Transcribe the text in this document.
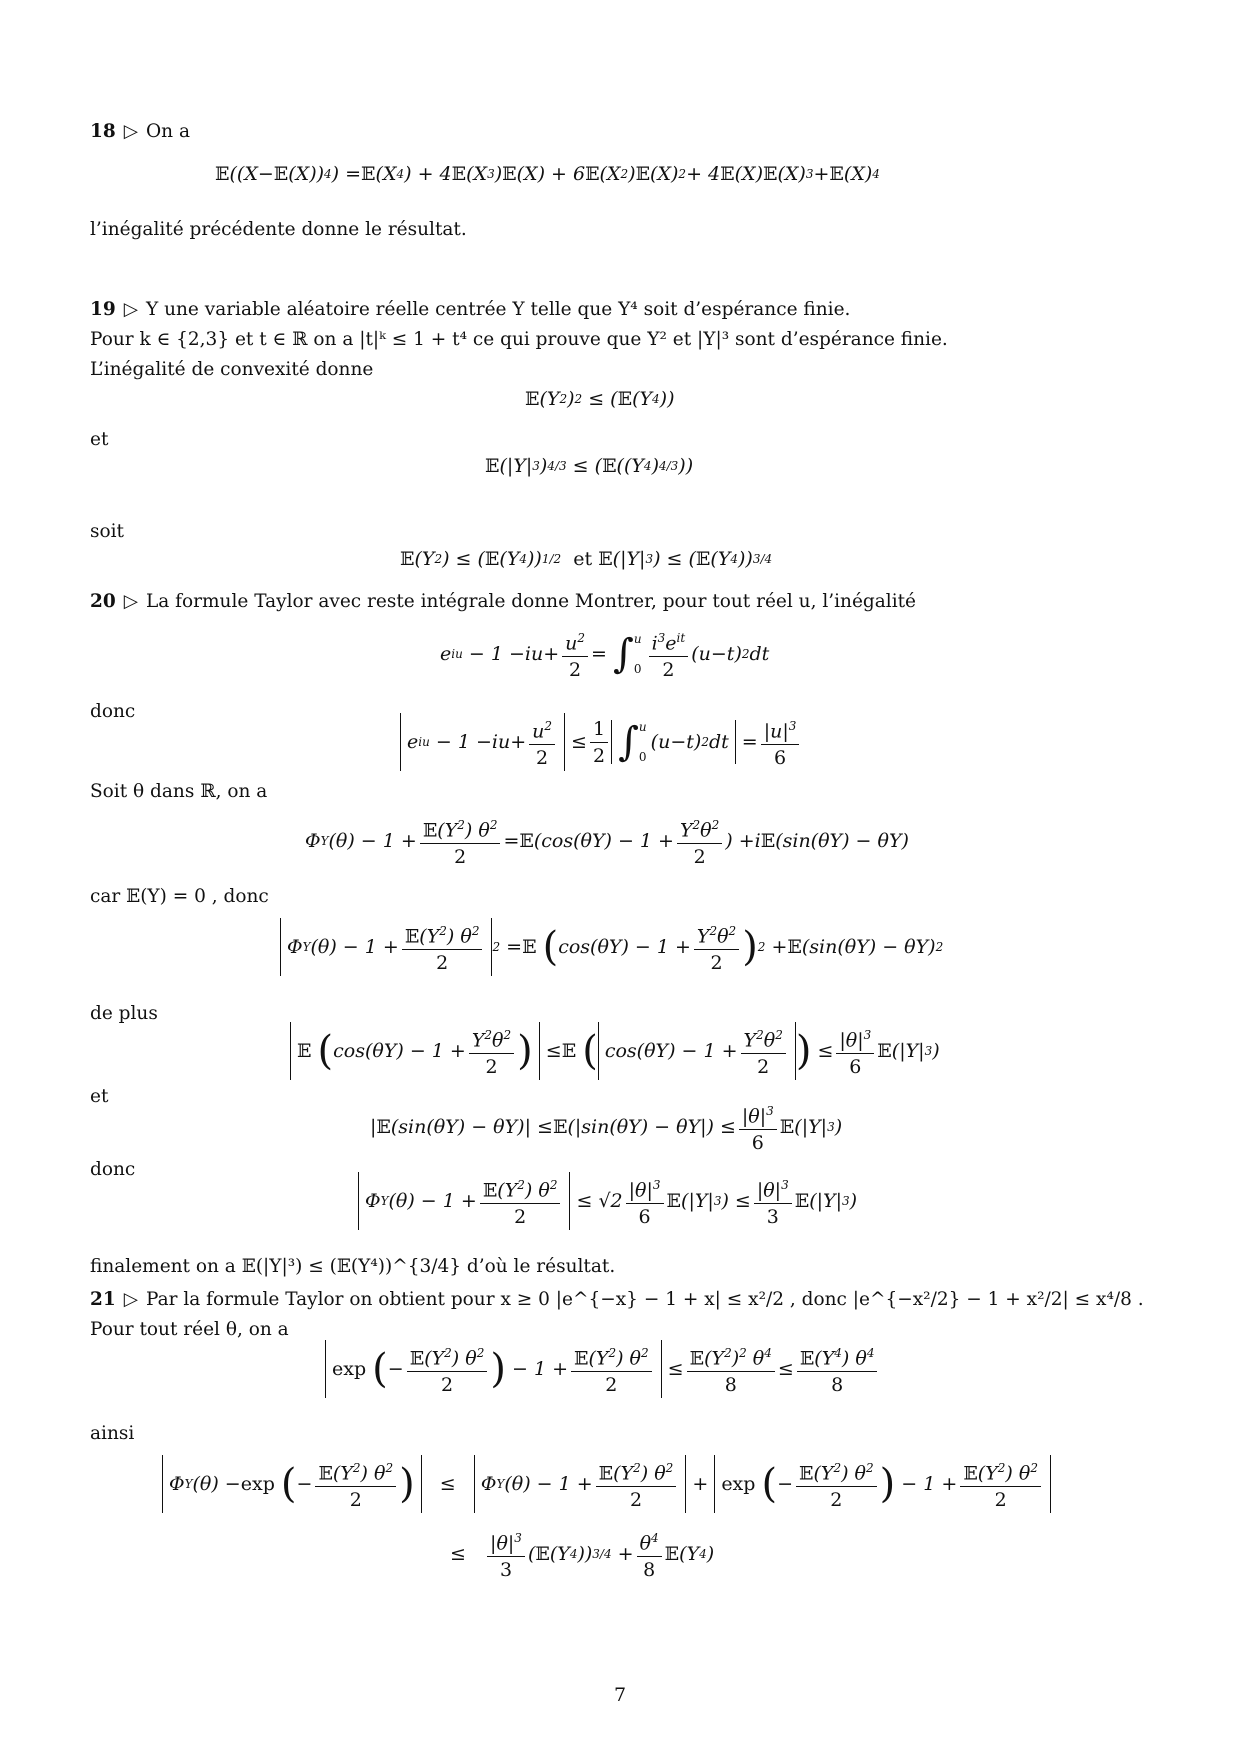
18 ▷ On a
𝔼 (( X − 𝔼 ( X )) 4 ) = 𝔼 ( X 4 ) + 4 𝔼 ( X 3 ) 𝔼 ( X ) + 6 𝔼 ( X 2 ) 𝔼 ( X ) 2 + 4 𝔼 ( X ) 𝔼 ( X ) 3 + 𝔼 ( X ) 4
l’inégalité précédente donne le résultat.
19 ▷ Y une variable aléatoire réelle centrée Y telle que Y⁴ soit d’espérance finie.
Pour k ∈ {2,3} et t ∈ ℝ on a |t|ᵏ ≤ 1 + t⁴ ce qui prouve que Y² et |Y|³ sont d’espérance finie.
L’inégalité de convexité donne
𝔼 ( Y 2 ) 2 ≤ ( 𝔼 ( Y 4 ))
et
𝔼 (| Y | 3 ) 4/3 ≤ ( 𝔼 (( Y 4 ) 4/3 ))
soit
𝔼 ( Y 2 ) ≤ ( 𝔼 ( Y 4 )) 1/2
et
𝔼 (| Y | 3 ) ≤ ( 𝔼 ( Y 4 )) 3/4
20 ▷ La formule Taylor avec reste intégrale donne Montrer, pour tout réel u, l’inégalité
e iu − 1 − iu + $\frac{u^2}{2}$ = ∫ u
$0 \frac{i^3e^{it}}{2}$ ( u − t ) 2 dt
donc
e iu − 1 − iu + $\frac{u^2}{2} \le \frac{1}{2}$ ∫ u
0
( u − t ) 2 dt = $\frac{|u|^3}{6}$
Soit θ dans ℝ, on a
Φ Y $(\theta) - 1 + \frac{𝔼(Y^2) \theta^2}{2}$ = 𝔼 (cos(θ Y ) − $1 + \frac{Y^2\theta^2}{2}$ ) + i 𝔼 (sin(θ Y ) − θ Y )
car 𝔼(Y) = 0 , donc
Φ Y $(\theta) - 1 + \frac{𝔼(Y^2) \theta^2}{2} 2$ = 𝔼
( cos(θ Y ) − $1 + \frac{Y^2\theta^2}{2}$ ) 2 + 𝔼 (sin(θ Y ) − θ Y ) 2
de plus
𝔼
( cos(θ Y ) − $1 + \frac{Y^2\theta^2}{2}$ ) ≤ 𝔼
( cos(θ Y ) − $1 + \frac{Y^2\theta^2}{2}$ ) ≤ $\frac{|\theta|^3}{6}$ 𝔼 (| Y | 3 )
et
| 𝔼 (sin(θ Y ) − θ Y )| ≤ 𝔼 (|sin(θ Y ) − θ Y |) ≤ $\frac{|\theta|^3}{6}$ 𝔼 (| Y | 3 )
donc
Φ Y $(\theta) - 1 + \frac{𝔼(Y^2) \theta^2}{2} \le √2 \frac{|\theta|^3}{6}$ 𝔼 (| Y | 3 ) ≤ $\frac{|\theta|^3}{3}$ 𝔼 (| Y | 3 )
finalement on a 𝔼(|Y|³) ≤ (𝔼(Y⁴))^{3/4} d’où le résultat.
21 ▷ Par la formule Taylor on obtient pour x ≥ 0 |e^{−x} − 1 + x| ≤ x²/2 , donc |e^{−x²/2} − 1 + x²/2| ≤ x⁴/8 .
Pour tout réel θ, on a
exp
( − $\frac{𝔼(Y^2) \theta^2}{2}$ ) − $1 + \frac{𝔼(Y^2) \theta^2}{2} \le \frac{𝔼(Y^2)^2 \theta^4}{8} \le \frac{𝔼(Y^4) \theta^4}{8}$
ainsi
Φ Y (θ) − exp
( − $\frac{𝔼(Y^2) \theta^2}{2}$ ) ≤ Φ Y $(\theta) - 1 + \frac{𝔼(Y^2) \theta^2}{2} + \exp$
( − $\frac{𝔼(Y^2) \theta^2}{2}$ ) − $1 + \frac{𝔼(Y^2) \theta^2}{2}$
≤ $\frac{|\theta|^3}{3}$ ( 𝔼 ( Y 4 )) $3/4 + \frac{\theta^4}{8}$ 𝔼 ( Y 4 )
7
